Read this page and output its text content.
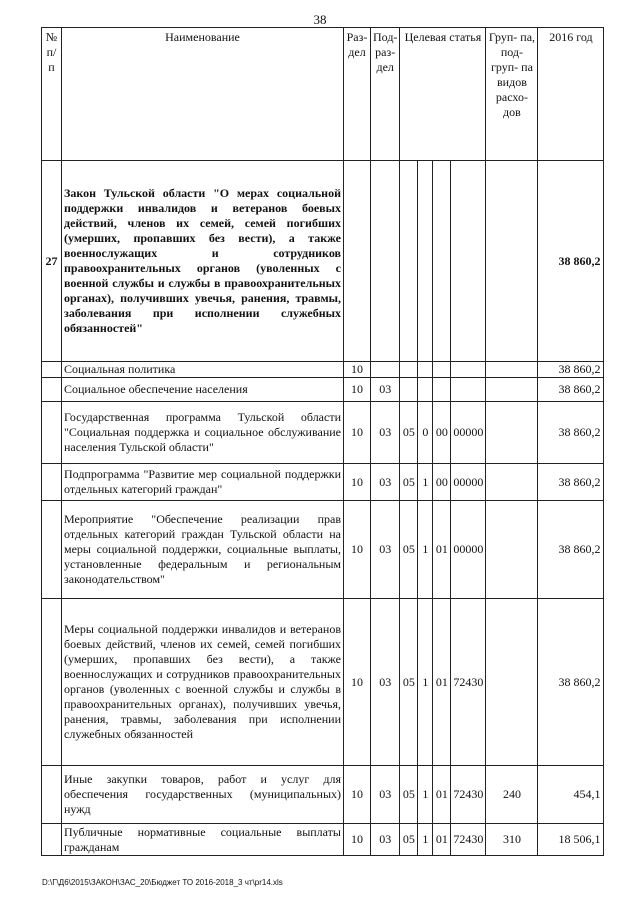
38
№ п/ п	Наименование	Раз- дел	Под- раз- дел	Целевая статья				Груп- па, под- груп- па видов расхо- дов	2016 год
27	Закон Тульской области "О мерах социальной поддержки инвалидов и ветеранов боевых действий, членов их семей, семей погибших (умерших, пропавших без вести), а также военнослужащих и сотрудников правоохранительных органов (уволенных с военной службы и службы в правоохранительных органах), получивших увечья, ранения, травмы, заболевания при исполнении служебных обязанностей"								38 860,2
	Социальная политика	10							38 860,2
	Социальное обеспечение населения	10	03						38 860,2
	Государственная программа Тульской области "Социальная поддержка и социальное обслуживание населения Тульской области"	10	03	05	0	00	00000		38 860,2
	Подпрограмма "Развитие мер социальной поддержки отдельных категорий граждан"	10	03	05	1	00	00000		38 860,2
	Мероприятие "Обеспечение реализации прав отдельных категорий граждан Тульской области на меры социальной поддержки, социальные выплаты, установленные федеральным и региональным законодательством"	10	03	05	1	01	00000		38 860,2
	Меры социальной поддержки инвалидов и ветеранов боевых действий, членов их семей, семей погибших (умерших, пропавших без вести), а также военнослужащих и сотрудников правоохранительных органов (уволенных с военной службы и службы в правоохранительных органах), получивших увечья, ранения, травмы, заболевания при исполнении служебных обязанностей	10	03	05	1	01	72430		38 860,2
	Иные закупки товаров, работ и услуг для обеспечения государственных (муниципальных) нужд	10	03	05	1	01	72430	240	454,1
	Публичные нормативные социальные выплаты гражданам	10	03	05	1	01	72430	310	18 506,1
D:\Г\Д6\2015\ЗАКОН\ЗАС_20\Бюджет ТО 2016-2018_3 чт\pr14.xls
